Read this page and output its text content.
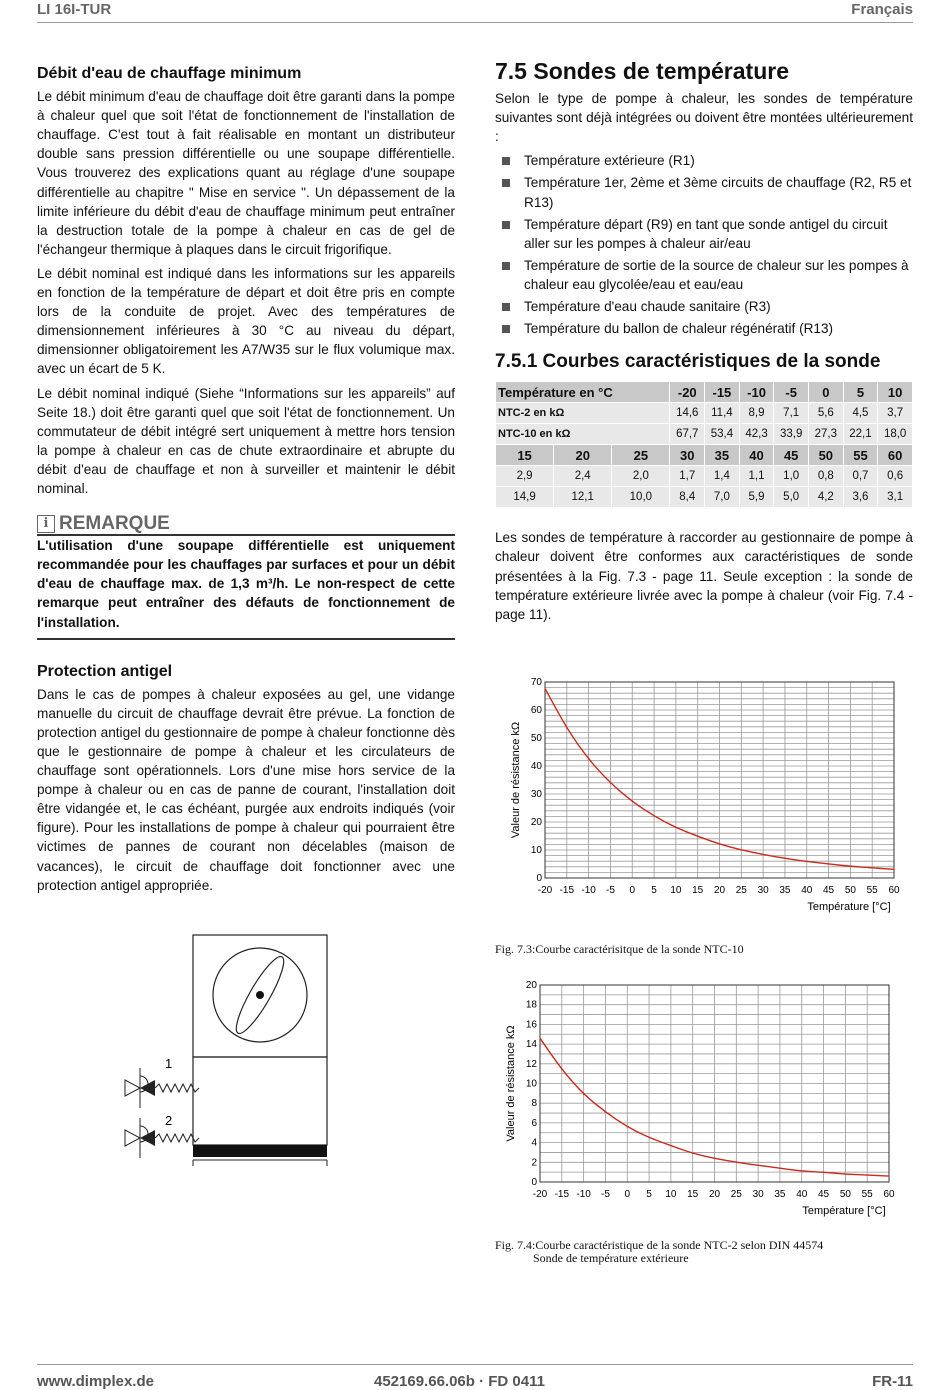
LI 16I-TUR	Français
Débit d'eau de chauffage minimum

Le débit minimum d'eau de chauffage doit être garanti dans la pompe à chaleur quel que soit l'état de fonctionnement de l'installation de chauffage. C'est tout à fait réalisable en montant un distributeur double sans pression différentielle ou une soupape différentielle. Vous trouverez des explications quant au réglage d'une soupape différentielle au chapitre " Mise en service ". Un dépassement de la limite inférieure du débit d'eau de chauffage minimum peut entraîner la destruction totale de la pompe à chaleur en cas de gel de l'échangeur thermique à plaques dans le circuit frigorifique.

Le débit nominal est indiqué dans les informations sur les appareils en fonction de la température de départ et doit être pris en compte lors de la conduite de projet. Avec des températures de dimensionnement inférieures à 30 °C au niveau du départ, dimensionner obligatoirement les A7/W35 sur le flux volumique max. avec un écart de 5 K.

Le débit nominal indiqué (Siehe “Informations sur les appareils” auf Seite 18.) doit être garanti quel que soit l'état de fonctionnement. Un commutateur de débit intégré sert uniquement à mettre hors tension la pompe à chaleur en cas de chute extraordinaire et abrupte du débit d'eau de chauffage et non à surveiller et maintenir le débit nominal.

i REMARQUE
L'utilisation d'une soupape différentielle est uniquement recommandée pour les chauffages par surfaces et pour un débit d'eau de chauffage max. de 1,3 m³/h. Le non-respect de cette remarque peut entraîner des défauts de fonctionnement de l'installation.
Protection antigel

Dans le cas de pompes à chaleur exposées au gel, une vidange manuelle du circuit de chauffage devrait être prévue. La fonction de protection antigel du gestionnaire de pompe à chaleur fonctionne dès que le gestionnaire de pompe à chaleur et les circulateurs de chauffage sont opérationnels. Lors d'une mise hors service de la pompe à chaleur ou en cas de panne de courant, l'installation doit être vidangée et, le cas échéant, purgée aux endroits indiqués (voir figure). Pour les installations de pompe à chaleur qui pourraient être victimes de pannes de courant non décelables (maison de vacances), le circuit de chauffage doit fonctionner avec une protection antigel appropriée.

1
2
7.5 Sondes de température

Selon le type de pompe à chaleur, les sondes de température suivantes sont déjà intégrées ou doivent être montées ultérieurement :

Température extérieure (R1)
Température 1er, 2ème et 3ème circuits de chauffage (R2, R5 et R13)
Température départ (R9) en tant que sonde antigel du circuit aller sur les pompes à chaleur air/eau
Température de sortie de la source de chaleur sur les pompes à chaleur eau glycolée/eau et eau/eau
Température d'eau chaude sanitaire (R3)
Température du ballon de chaleur régénératif (R13)
7.5.1 Courbes caractéristiques de la sonde
Température en °C			-20	-15	-10	-5	0	5	10
NTC-2 en kΩ			14,6	11,4	8,9	7,1	5,6	4,5	3,7
NTC-10 en kΩ			67,7	53,4	42,3	33,9	27,3	22,1	18,0
15	20	25	30	35	40	45	50	55	60
2,9	2,4	2,0	1,7	1,4	1,1	1,0	0,8	0,7	0,6
14,9	12,1	10,0	8,4	7,0	5,9	5,0	4,2	3,6	3,1

Les sondes de température à raccorder au gestionnaire de pompe à chaleur doivent être conformes aux caractéristiques de sonde présentées à la Fig. 7.3 - page 11. Seule exception : la sonde de température extérieure livrée avec la pompe à chaleur (voir Fig. 7.4 - page 11).

-20 -15 -10 -5 0 5 10 15 20 25 30 35 40 45 50 55 60
0
10
20
30
40
50
60
70
Température [°C]
Valeur de résistance kΩ
Fig. 7.3:Courbe caractérisitque de la sonde NTC-10
-20 -15 -10 -5 0 5 10 15 20 25 30 35 40 45 50 55 60
0
2
4
6
8
10
12
14
16
18
20
Température [°C]
Valeur de résistance kΩ
Fig. 7.4:Courbe caractéristique de la sonde NTC-2 selon DIN 44574
Sonde de température extérieure
www.dimplex.de	452169.66.06b · FD 0411	FR-11
